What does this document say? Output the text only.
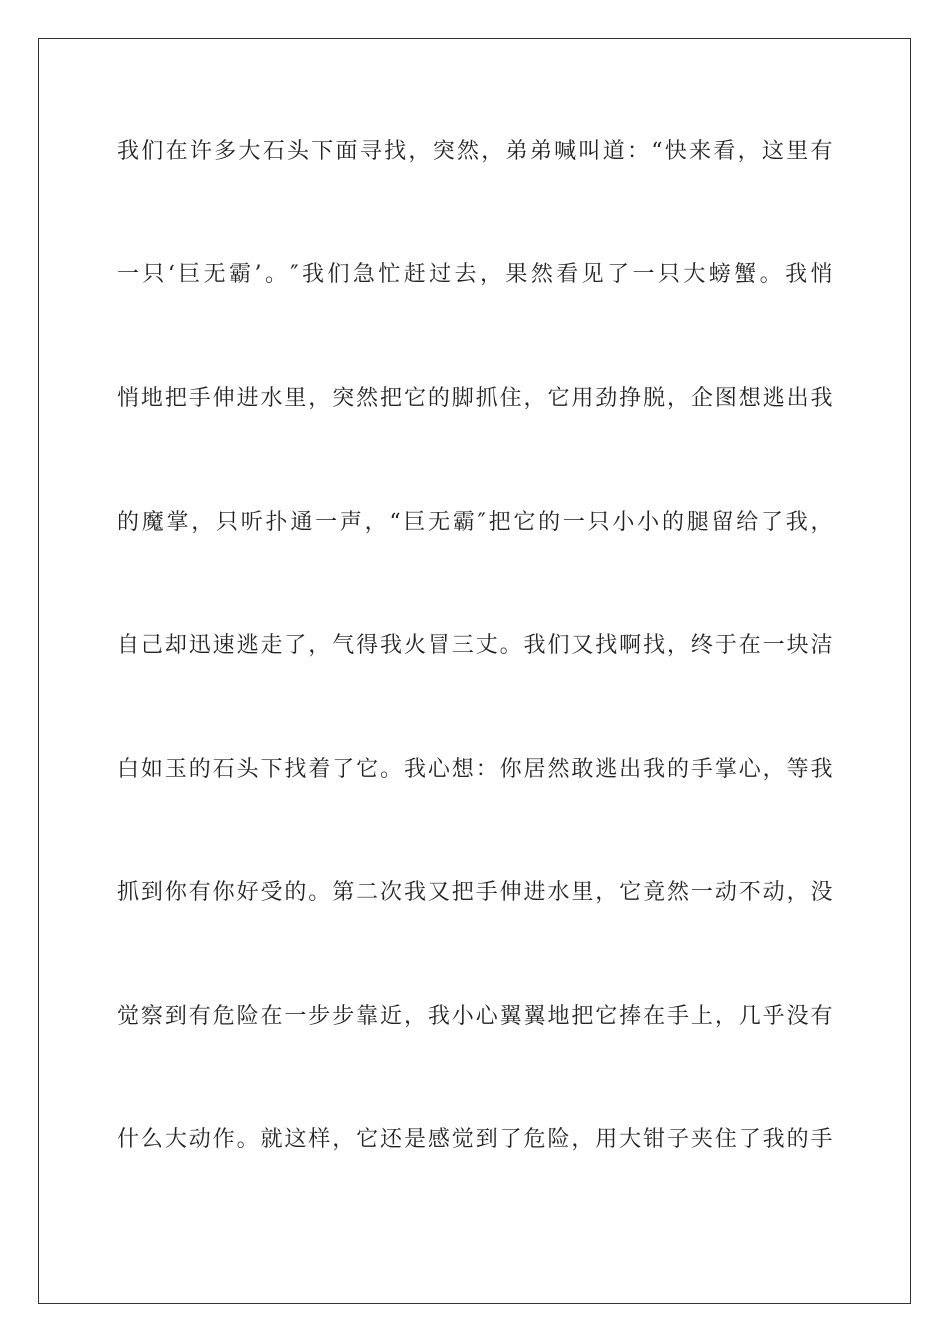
我们在许多大石头下面寻找，突然，弟弟喊叫道：“快来看，这里有
一只‘巨无霸’。″我们急忙赶过去，果然看见了一只大螃蟹。我悄
悄地把手伸进水里，突然把它的脚抓住，它用劲挣脱，企图想逃出我
的魔掌，只听扑通一声，“巨无霸″把它的一只小小的腿留给了我，
自己却迅速逃走了，气得我火冒三丈。我们又找啊找，终于在一块洁
白如玉的石头下找着了它。我心想：你居然敢逃出我的手掌心，等我
抓到你有你好受的。第二次我又把手伸进水里，它竟然一动不动，没
觉察到有危险在一步步靠近，我小心翼翼地把它捧在手上，几乎没有
什么大动作。就这样，它还是感觉到了危险，用大钳子夹住了我的手
